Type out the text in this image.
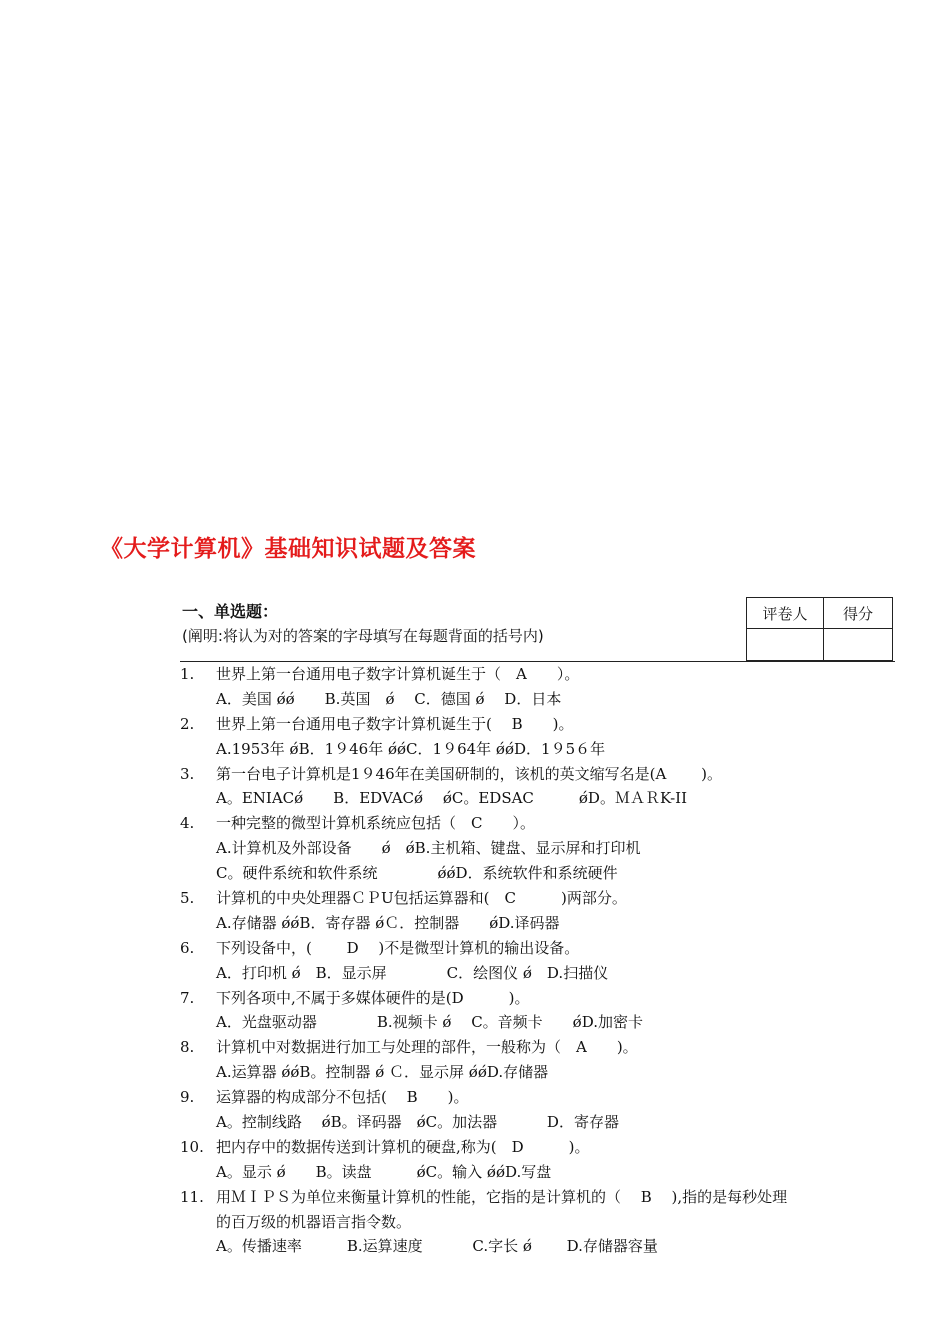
《大学计算机》基础知识试题及答案
一、单选题：
(阐明:将认为对的答案的字母填写在每题背面的括号内)
评卷人	得分

1. 世界上第一台通用电子数字计算机诞生于（　A　　）。
A．美国 ǿǿ　　B.英国　ǿ　 C．德国 ǿ　 D．日本
2. 世界上第一台通用电子数字计算机诞生于(　 B　　)。
A.1953年 ǿB．1９46年 ǿǿC．1９64年 ǿǿD．1９5６年
3. 第一台电子计算机是1９46年在美国研制的，该机的英文缩写名是(A　　 )。
A。ENIACǿ　　B．EDVACǿ　 ǿC。EDSAC　　　ǿD。ＭＡＲK-II
4. 一种完整的微型计算机系统应包括（　C　　）。
A.计算机及外部设备　　ǿ　ǿB.主机箱、键盘、显示屏和打印机
C。硬件系统和软件系统　　　　ǿǿD．系统软件和系统硬件
5. 计算机的中央处理器ＣＰU包括运算器和(　C　　　)两部分。
A.存储器 ǿǿB．寄存器 ǿＣ．控制器　　ǿD.译码器
6. 下列设备中，(　　 D　 )不是微型计算机的输出设备。
A．打印机 ǿ　B．显示屏　　　　C．绘图仪 ǿ　D.扫描仪
7. 下列各项中,不属于多媒体硬件的是(D　　　)。
A．光盘驱动器　　　　B.视频卡 ǿ　 C。音频卡　　ǿD.加密卡
8. 计算机中对数据进行加工与处理的部件，一般称为（　A　　)。
A.运算器 ǿǿB。控制器 ǿ Ｃ．显示屏 ǿǿD.存储器
9. 运算器的构成部分不包括(　 B　　)。
A。控制线路　 ǿB。译码器　ǿC。加法器　　　 D．寄存器
10. 把内存中的数据传送到计算机的硬盘,称为(　D　　　)。
A。显示 ǿ　　B。读盘　　　ǿC。输入 ǿǿD.写盘
11. 用ＭＩＰＳ为单位来衡量计算机的性能，它指的是计算机的（　 B　 ),指的是每秒处理
的百万级的机器语言指令数。
A。传播速率　　　B.运算速度　　　 C.字长 ǿ　　 D.存储器容量
